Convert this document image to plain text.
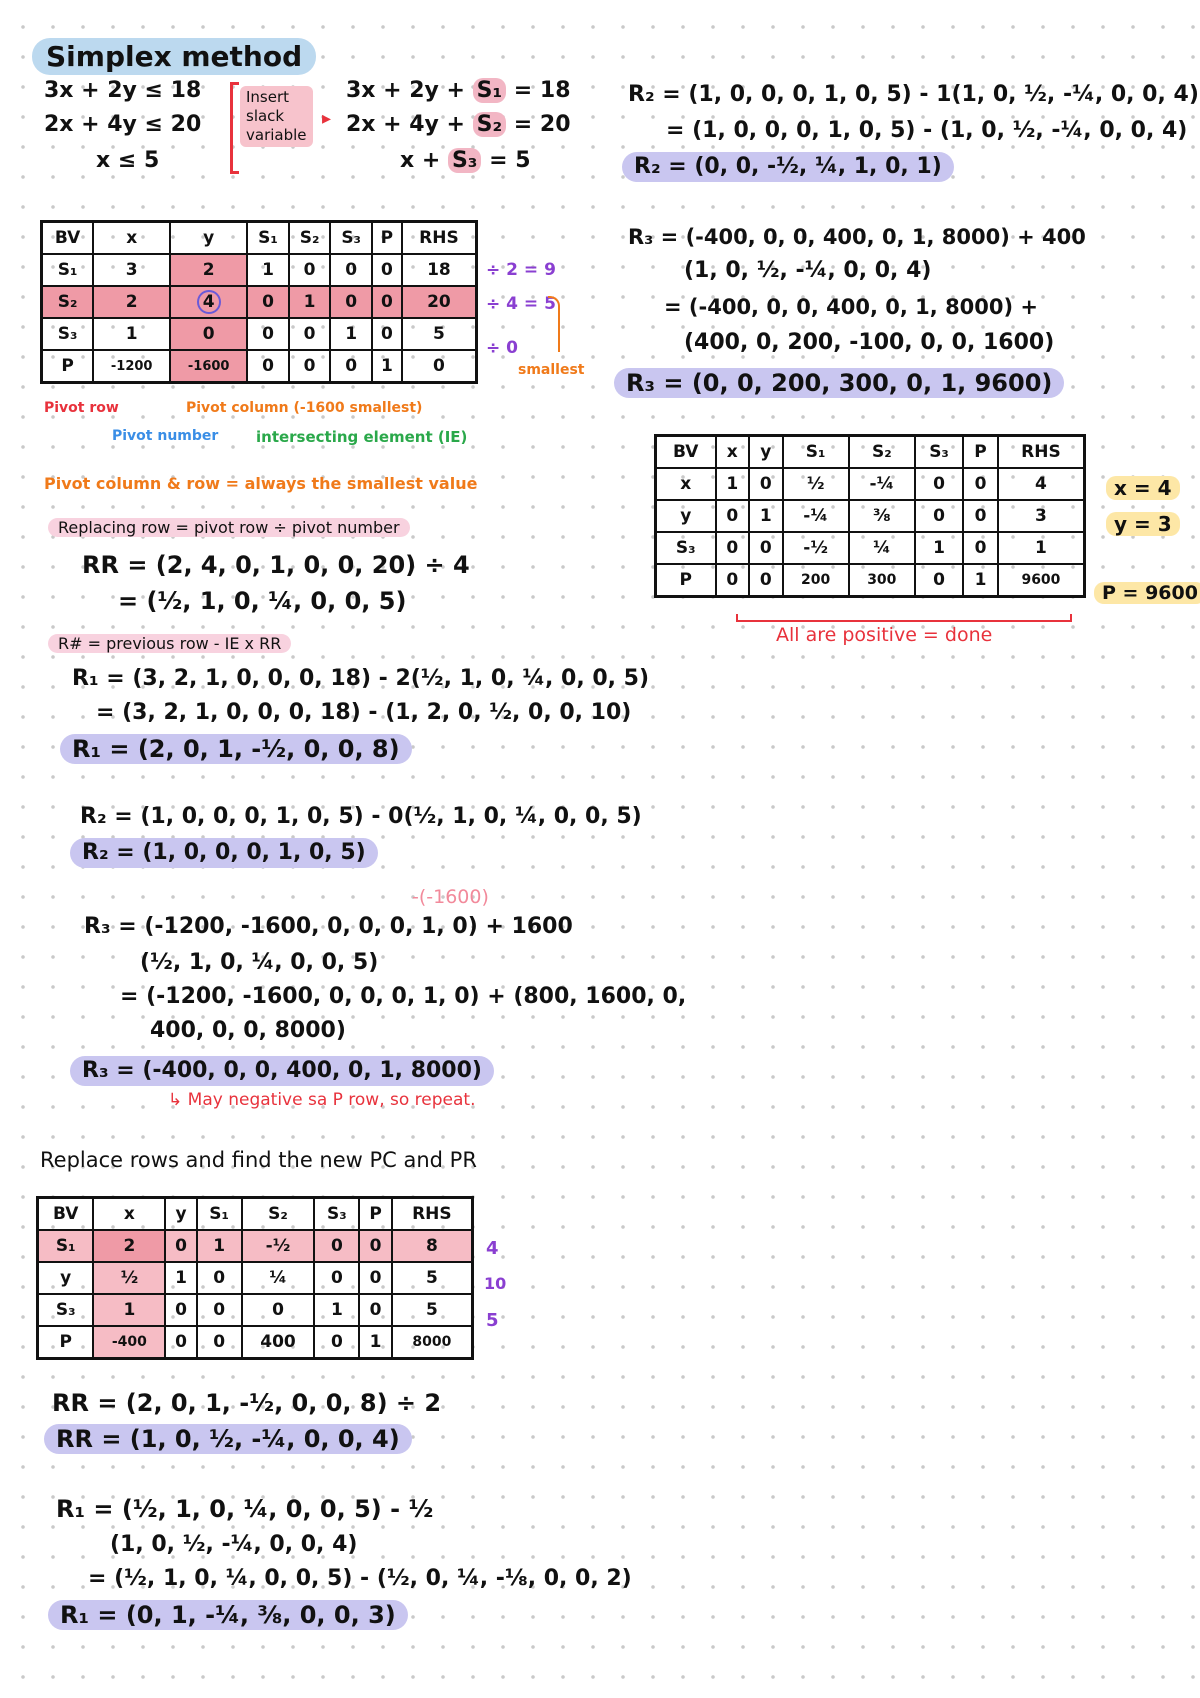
Simplex method
3x + 2y ≤ 18
2x + 4y ≤ 20
x ≤ 5
Insert
slack
variable
▸
3x + 2y + S₁ = 18
2x + 4y + S₂ = 20
x + S₃ = 5
BV	x	y	S₁	S₂	S₃	P	RHS
S₁	3	2	1	0	0	0	18
S₂	2	4	0	1	0	0	20
S₃	1	0	0	0	1	0	5
P	-1200	-1600	0	0	0	1	0
÷ 2 = 9
÷ 4 = 5
÷ 0
smallest
Pivot row	Pivot column (-1600 smallest)
Pivot number	intersecting element (IE)
Pivot column & row = always the smallest value
Replacing row = pivot row ÷ pivot number
RR = (2, 4, 0, 1, 0, 0, 20) ÷ 4
= (½, 1, 0, ¼, 0, 0, 5)
R# = previous row - IE x RR
R₁ = (3, 2, 1, 0, 0, 0, 18) - 2(½, 1, 0, ¼, 0, 0, 5)
= (3, 2, 1, 0, 0, 0, 18) - (1, 2, 0, ½, 0, 0, 10)
R₁ = (2, 0, 1, -½, 0, 0, 8)
R₂ = (1, 0, 0, 0, 1, 0, 5) - 0(½, 1, 0, ¼, 0, 0, 5)
R₂ = (1, 0, 0, 0, 1, 0, 5)
-(-1600)
R₃ = (-1200, -1600, 0, 0, 0, 1, 0) + 1600
(½, 1, 0, ¼, 0, 0, 5)
= (-1200, -1600, 0, 0, 0, 1, 0) + (800, 1600, 0,
400, 0, 0, 8000)
R₃ = (-400, 0, 0, 400, 0, 1, 8000)
↳ May negative sa P row, so repeat.
Replace rows and find the new PC and PR
BV	x	y	S₁	S₂	S₃	P	RHS
S₁	2	0	1	-½	0	0	8
y	½	1	0	¼	0	0	5
S₃	1	0	0	0	1	0	5
P	-400	0	0	400	0	1	8000
4
10
5
RR = (2, 0, 1, -½, 0, 0, 8) ÷ 2
RR = (1, 0, ½, -¼, 0, 0, 4)
R₁ = (½, 1, 0, ¼, 0, 0, 5) - ½
(1, 0, ½, -¼, 0, 0, 4)
= (½, 1, 0, ¼, 0, 0, 5) - (½, 0, ¼, -⅛, 0, 0, 2)
R₁ = (0, 1, -¼, ⅜, 0, 0, 3)
R₂ = (1, 0, 0, 0, 1, 0, 5) - 1(1, 0, ½, -¼, 0, 0, 4)
= (1, 0, 0, 0, 1, 0, 5) - (1, 0, ½, -¼, 0, 0, 4)
R₂ = (0, 0, -½, ¼, 1, 0, 1)
R₃ = (-400, 0, 0, 400, 0, 1, 8000) + 400
(1, 0, ½, -¼, 0, 0, 4)
= (-400, 0, 0, 400, 0, 1, 8000) +
(400, 0, 200, -100, 0, 0, 1600)
R₃ = (0, 0, 200, 300, 0, 1, 9600)
BV	x	y	S₁	S₂	S₃	P	RHS
x	1	0	½	-¼	0	0	4
y	0	1	-¼	⅜	0	0	3
S₃	0	0	-½	¼	1	0	1
P	0	0	200	300	0	1	9600
x = 4
y = 3
P = 9600
All are positive = done
